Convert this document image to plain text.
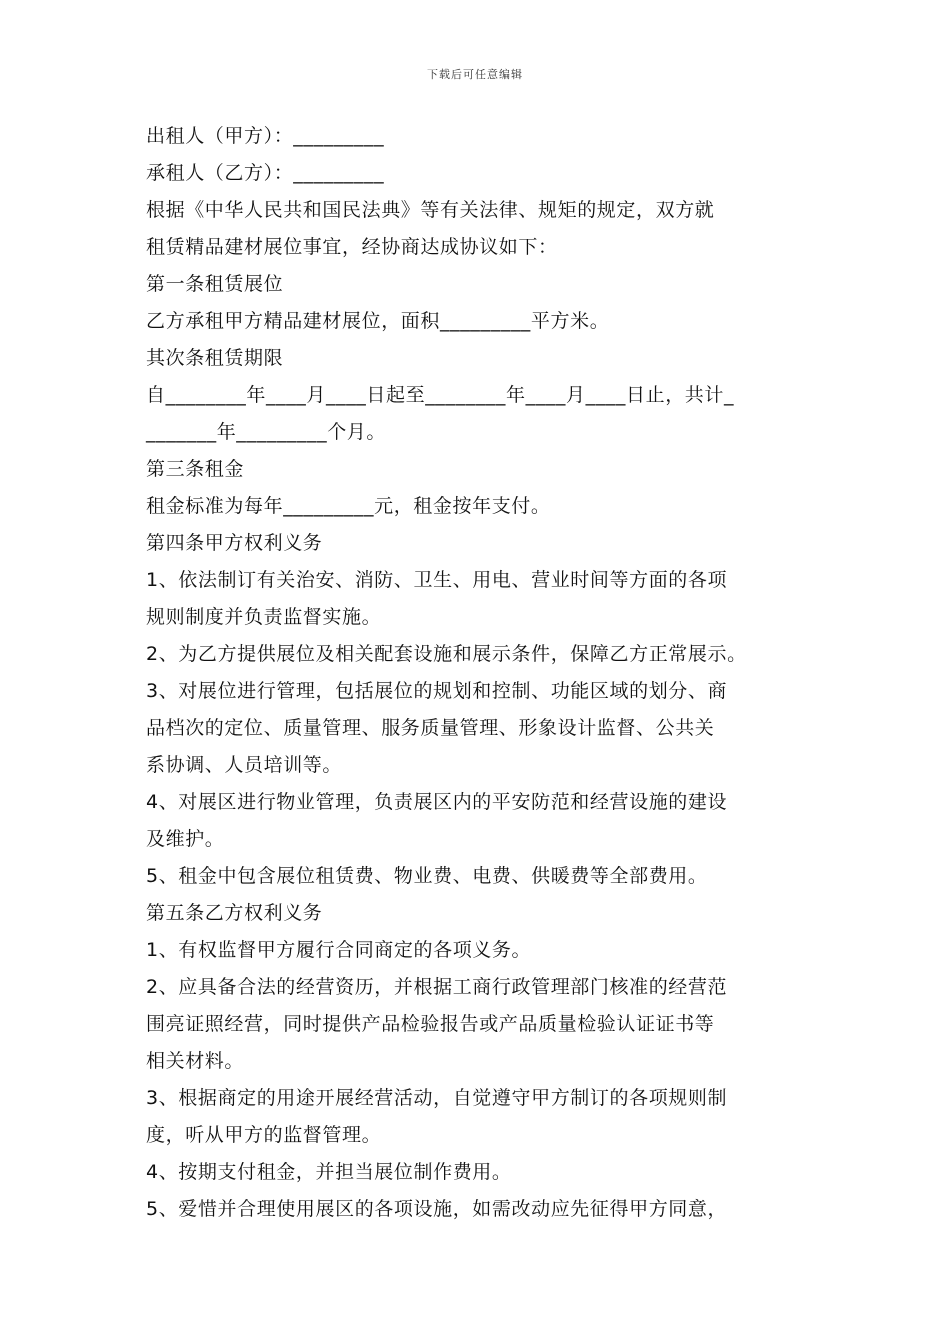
下载后可任意编辑
出租人（甲方）：_________
承租人（乙方）：_________
根据《中华人民共和国民法典》等有关法律、规矩的规定，双方就
租赁精品建材展位事宜，经协商达成协议如下：
第一条租赁展位
乙方承租甲方精品建材展位，面积_________平方米。
其次条租赁期限
自________年____月____日起至________年____月____日止，共计_
_______年_________个月。
第三条租金
租金标准为每年_________元，租金按年支付。
第四条甲方权利义务
1、依法制订有关治安、消防、卫生、用电、营业时间等方面的各项
规则制度并负责监督实施。
2、为乙方提供展位及相关配套设施和展示条件，保障乙方正常展示。
3、对展位进行管理，包括展位的规划和控制、功能区域的划分、商
品档次的定位、质量管理、服务质量管理、形象设计监督、公共关
系协调、人员培训等。
4、对展区进行物业管理，负责展区内的平安防范和经营设施的建设
及维护。
5、租金中包含展位租赁费、物业费、电费、供暖费等全部费用。
第五条乙方权利义务
1、有权监督甲方履行合同商定的各项义务。
2、应具备合法的经营资历，并根据工商行政管理部门核准的经营范
围亮证照经营，同时提供产品检验报告或产品质量检验认证证书等
相关材料。
3、根据商定的用途开展经营活动，自觉遵守甲方制订的各项规则制
度，听从甲方的监督管理。
4、按期支付租金，并担当展位制作费用。
5、爱惜并合理使用展区的各项设施，如需改动应先征得甲方同意，
